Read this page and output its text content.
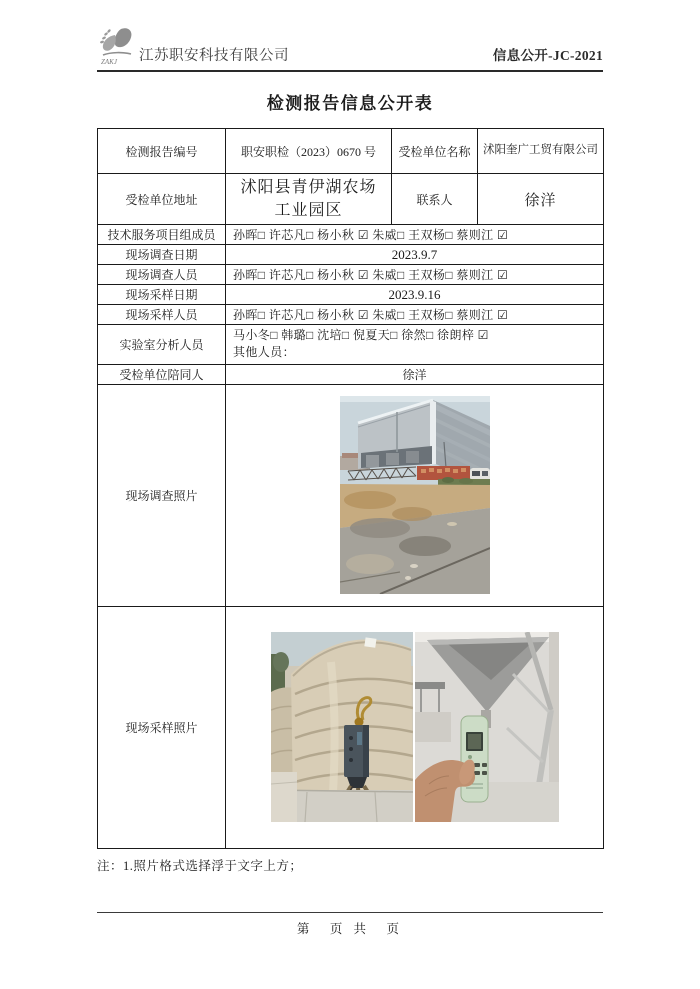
ZAKJ 江苏职安科技有限公司	信息公开-JC-2021
检测报告信息公开表
检测报告编号	职安职检（2023）0670 号	受检单位名称	沭阳奎广工贸有限公司
受检单位地址	沭阳县青伊湖农场工业园区	联系人	徐洋
技术服务项目组成员	孙晖□ 许芯凡□ 杨小秋 ☑ 朱威□ 王双杨□ 蔡则江 ☑		
现场调查日期	2023.9.7		
现场调查人员	孙晖□ 许芯凡□ 杨小秋 ☑ 朱威□ 王双杨□ 蔡则江 ☑		
现场采样日期	2023.9.16		
现场采样人员	孙晖□ 许芯凡□ 杨小秋 ☑ 朱威□ 王双杨□ 蔡则江 ☑		
实验室分析人员	马小冬□ 韩璐□ 沈培□ 倪夏天□ 徐然□ 徐朗梓 ☑
其他人员：		

受检单位陪同人	徐洋		
现场调查照片	

现场采样照片	
注：1.照片格式选择浮于文字上方；
第　页 共　页
